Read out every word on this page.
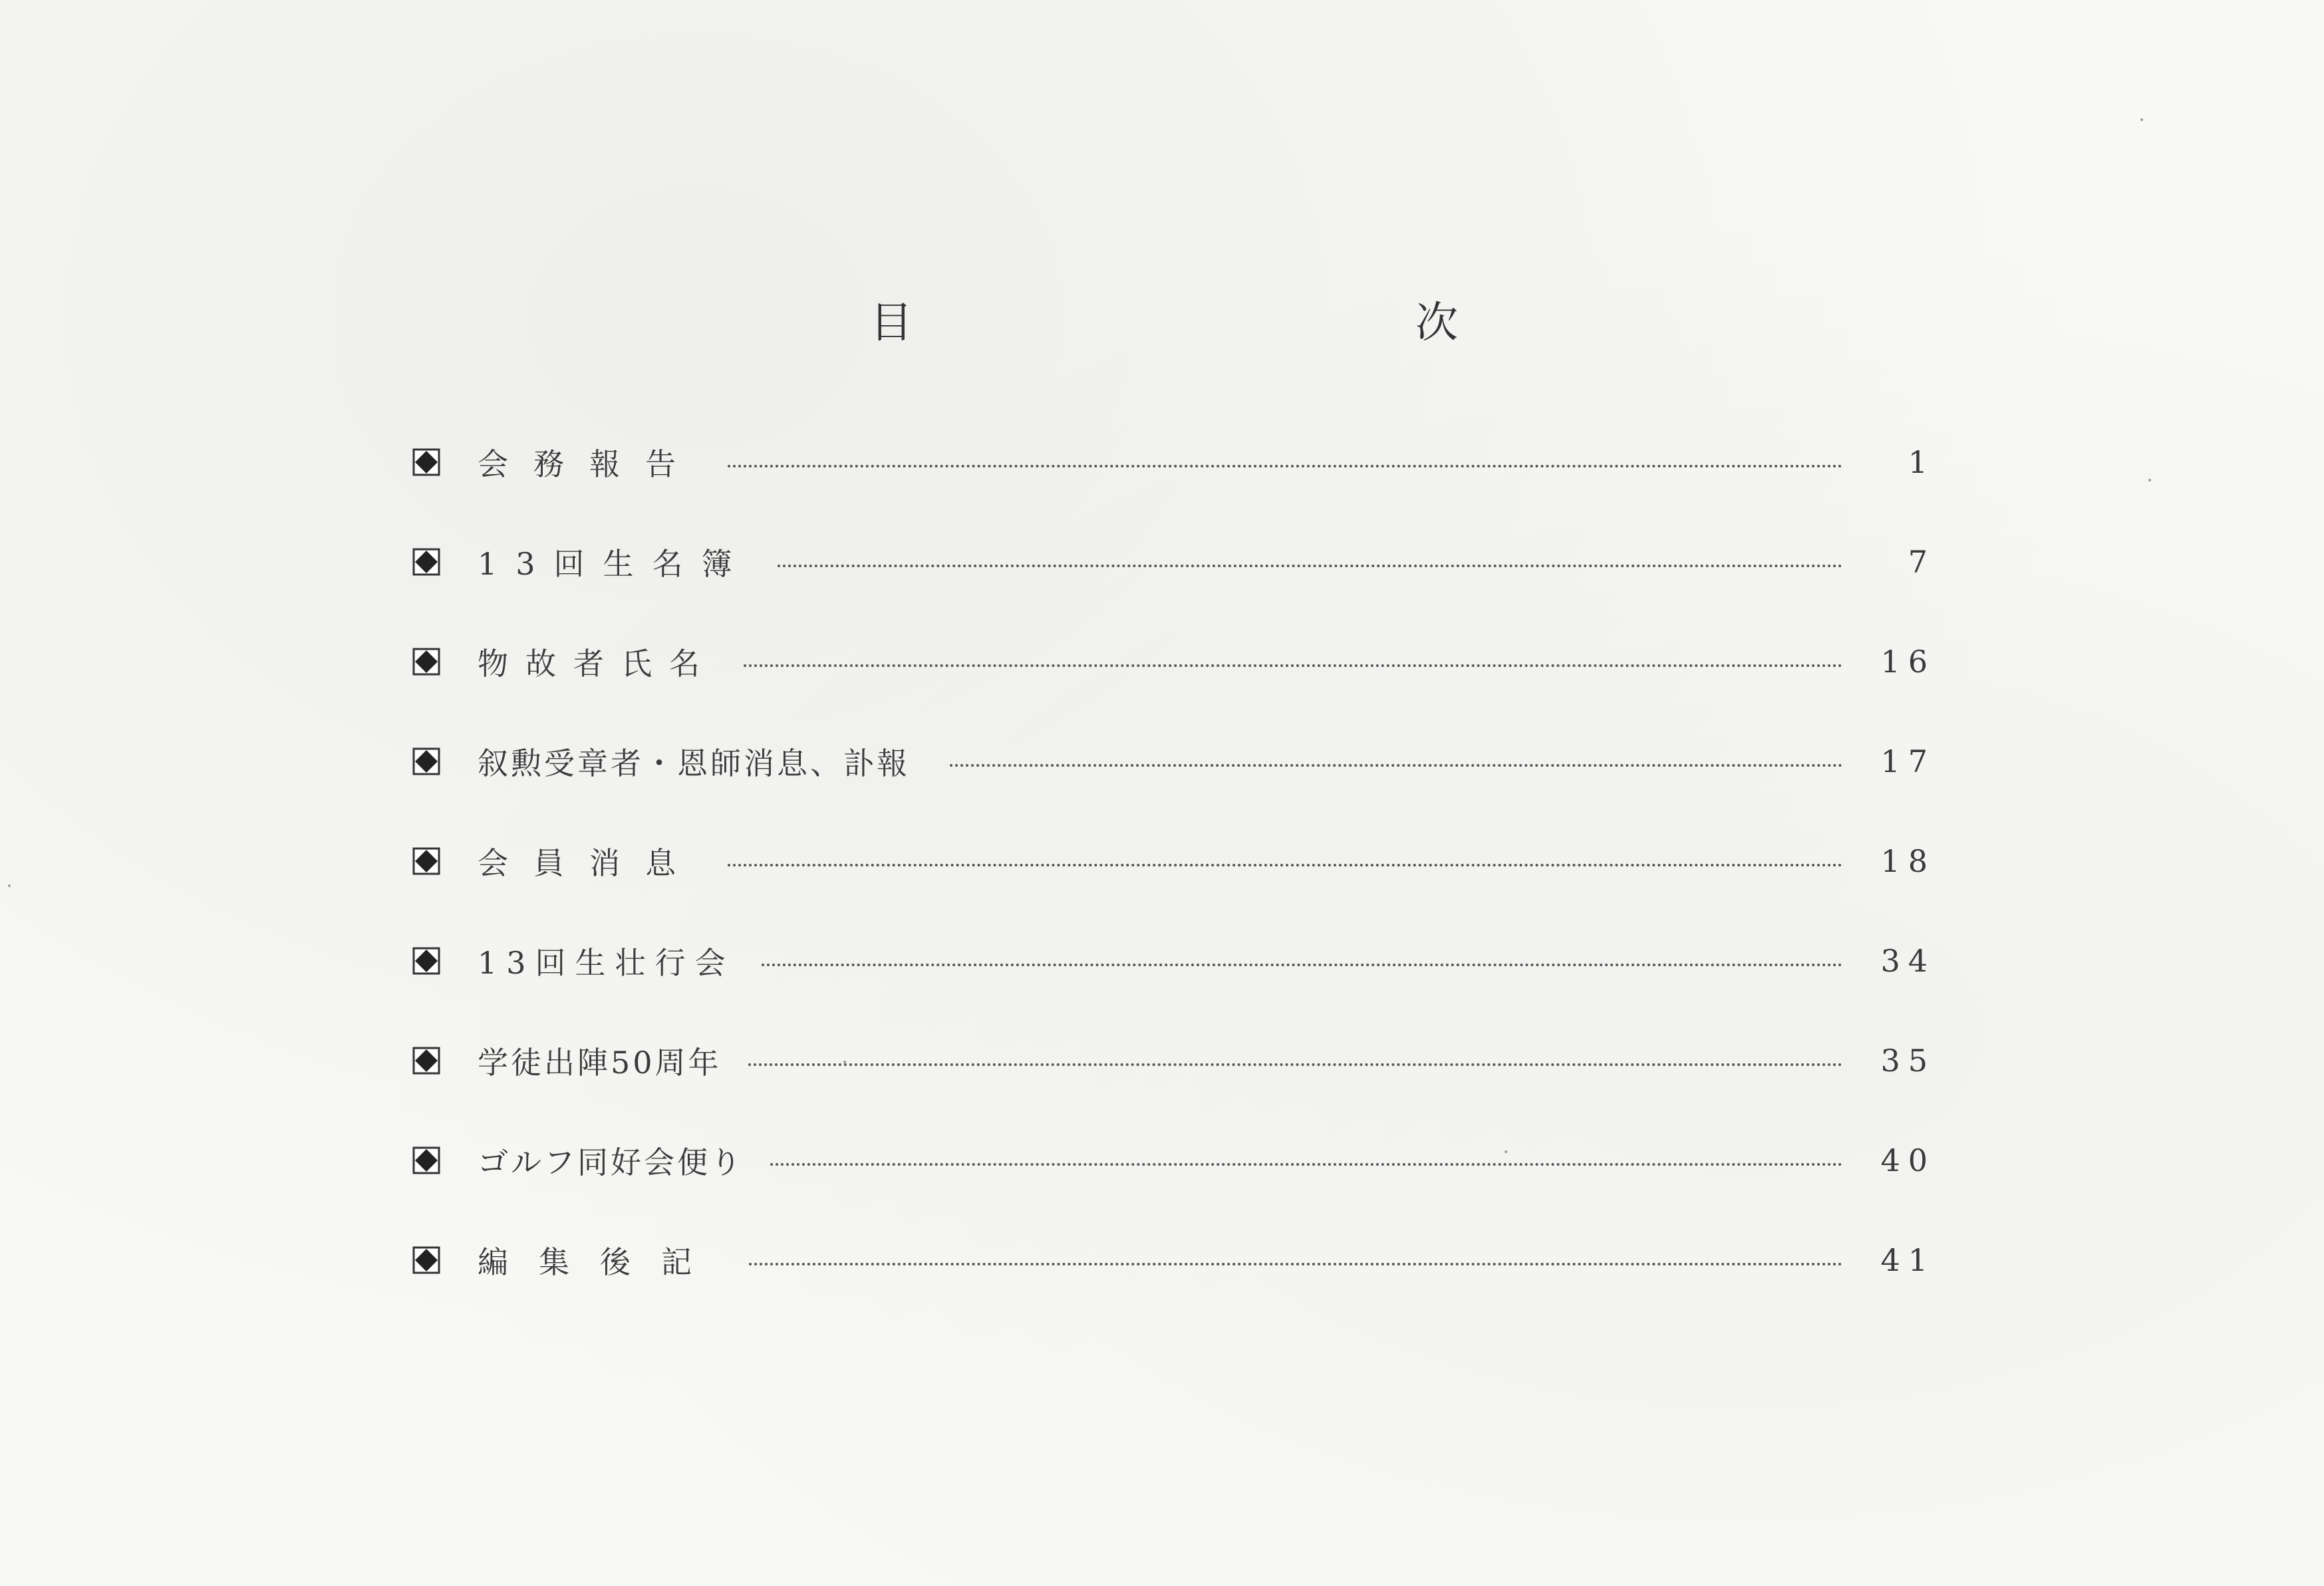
目	次
会務報告	1
13回生名簿	7
物故者氏名	16
叙勲受章者・恩師消息、訃報	17
会員消息	18
13回生壮行会	34
学徒出陣50周年	35
ゴルフ同好会便り	40
編集後記	41
